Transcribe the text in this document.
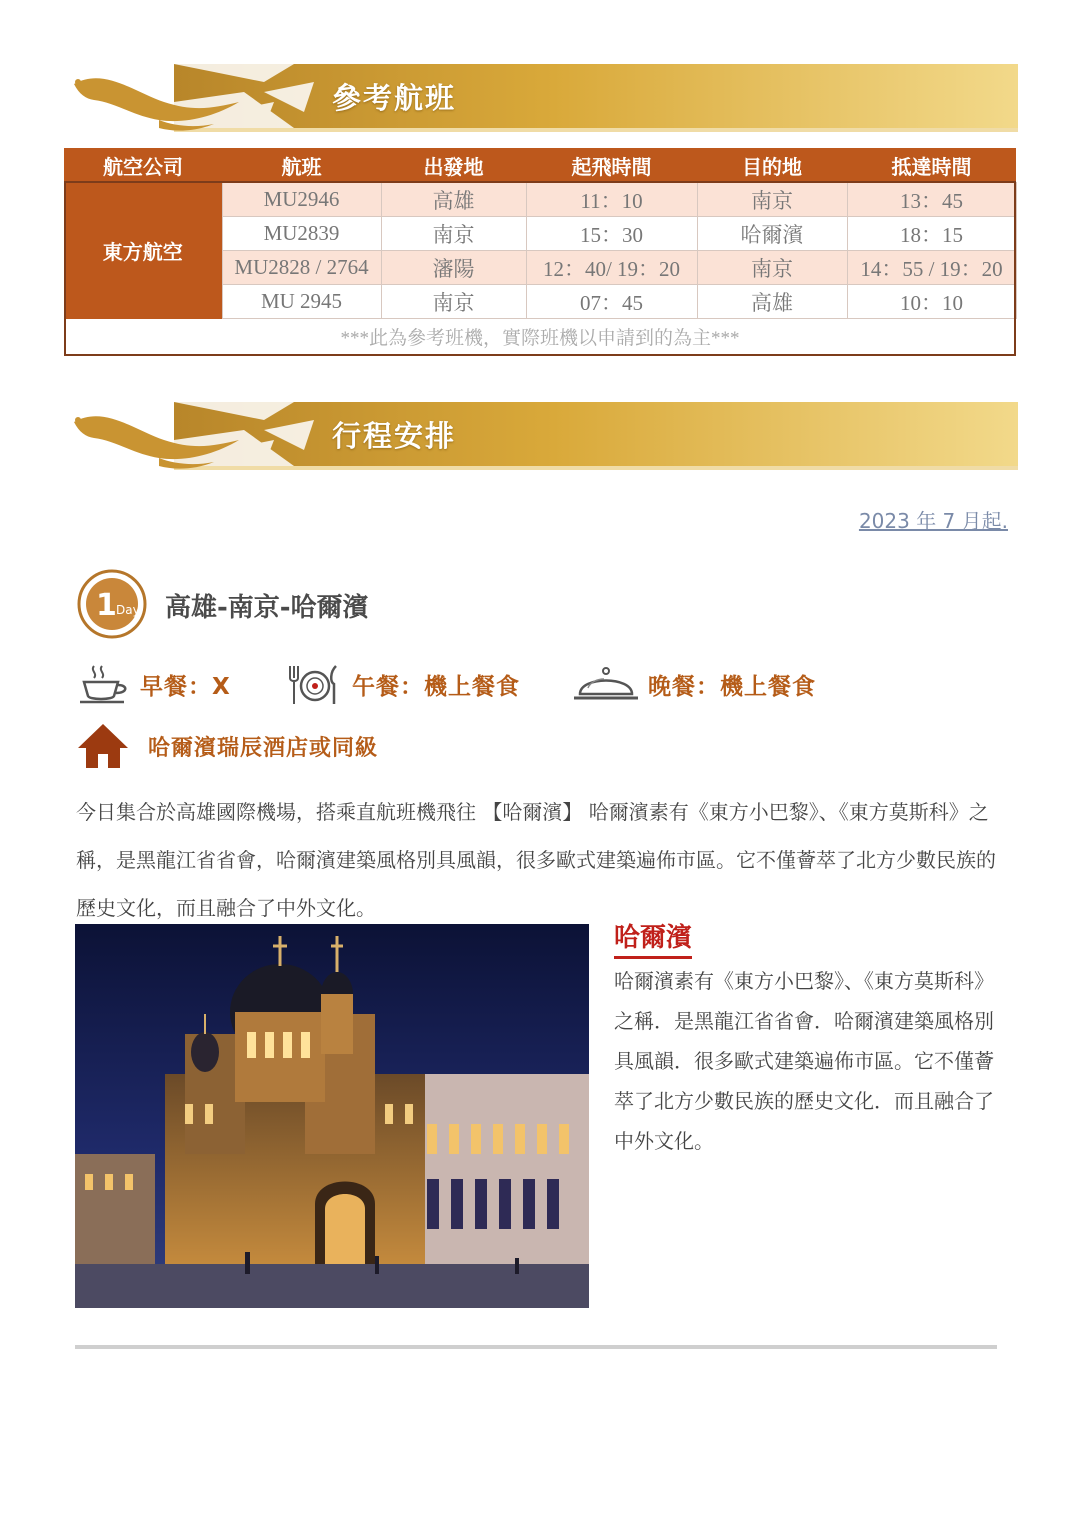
參考航班
航空公司	航班	出發地	起飛時間	目的地	抵達時間
東方航空	MU2946	高雄	11：10	南京	13：45
	MU2839	南京	15：30	哈爾濱	18：15
	MU2828 / 2764	瀋陽	12：40/ 19：20	南京	14：55 / 19：20
	MU 2945	南京	07：45	高雄	10：10
***此為參考班機，實際班機以申請到的為主***					
行程安排
2023 年 7 月起.
1 Day 高雄-南京-哈爾濱
早餐：X	午餐：機上餐食	晚餐：機上餐食
哈爾濱瑞辰酒店或同級

今日集合於高雄國際機場，搭乘直航班機飛往 【哈爾濱】 哈爾濱素有《東方小巴黎》、《東方莫斯科》之稱，是黑龍江省省會，哈爾濱建築風格別具風韻，很多歐式建築遍佈市區。它不僅薈萃了北方少數民族的歷史文化，而且融合了中外文化。

哈爾濱

哈爾濱素有《東方小巴黎》、《東方莫斯科》之稱．是黑龍江省省會．哈爾濱建築風格別具風韻．很多歐式建築遍佈市區。它不僅薈萃了北方少數民族的歷史文化．而且融合了中外文化。
